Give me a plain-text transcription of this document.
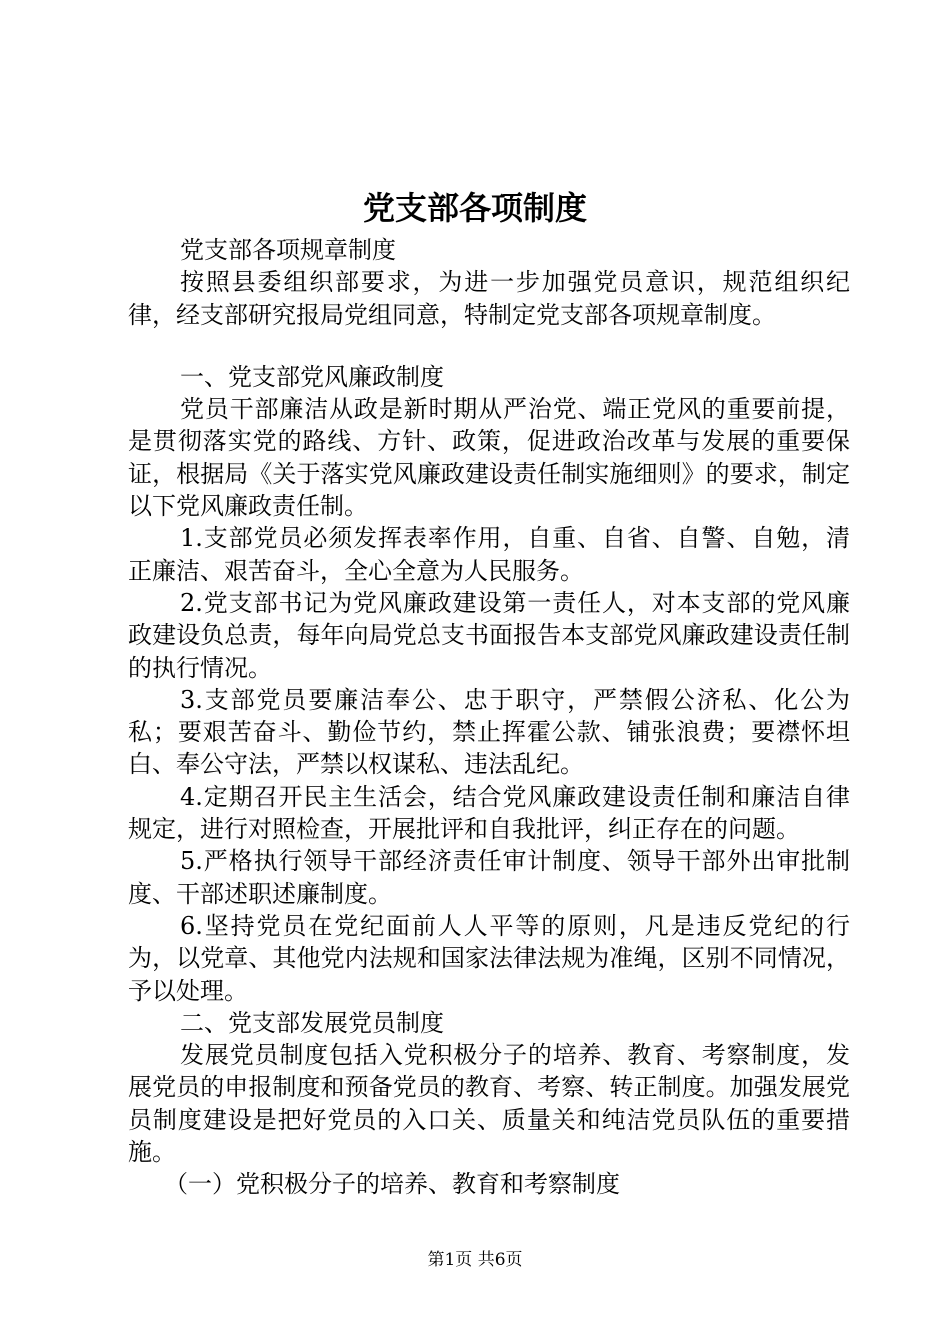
党支部各项制度

党支部各项规章制度

按照县委组织部要求，为进一步加强党员意识，规范组织纪律，经支部研究报局党组同意，特制定党支部各项规章制度。

一、党支部党风廉政制度

党员干部廉洁从政是新时期从严治党、端正党风的重要前提，是贯彻落实党的路线、方针、政策，促进政治改革与发展的重要保证，根据局《关于落实党风廉政建设责任制实施细则》的要求，制定以下党风廉政责任制。

1.支部党员必须发挥表率作用，自重、自省、自警、自勉，清正廉洁、艰苦奋斗，全心全意为人民服务。

2.党支部书记为党风廉政建设第一责任人，对本支部的党风廉政建设负总责，每年向局党总支书面报告本支部党风廉政建设责任制的执行情况。

3.支部党员要廉洁奉公、忠于职守，严禁假公济私、化公为私；要艰苦奋斗、勤俭节约，禁止挥霍公款、铺张浪费；要襟怀坦白、奉公守法，严禁以权谋私、违法乱纪。

4.定期召开民主生活会，结合党风廉政建设责任制和廉洁自律规定，进行对照检查，开展批评和自我批评，纠正存在的问题。

5.严格执行领导干部经济责任审计制度、领导干部外出审批制度、干部述职述廉制度。

6.坚持党员在党纪面前人人平等的原则，凡是违反党纪的行为，以党章、其他党内法规和国家法律法规为准绳，区别不同情况，予以处理。

二、党支部发展党员制度

发展党员制度包括入党积极分子的培养、教育、考察制度，发展党员的申报制度和预备党员的教育、考察、转正制度。加强发展党员制度建设是把好党员的入口关、质量关和纯洁党员队伍的重要措施。

（一）党积极分子的培养、教育和考察制度

第1页 共6页
